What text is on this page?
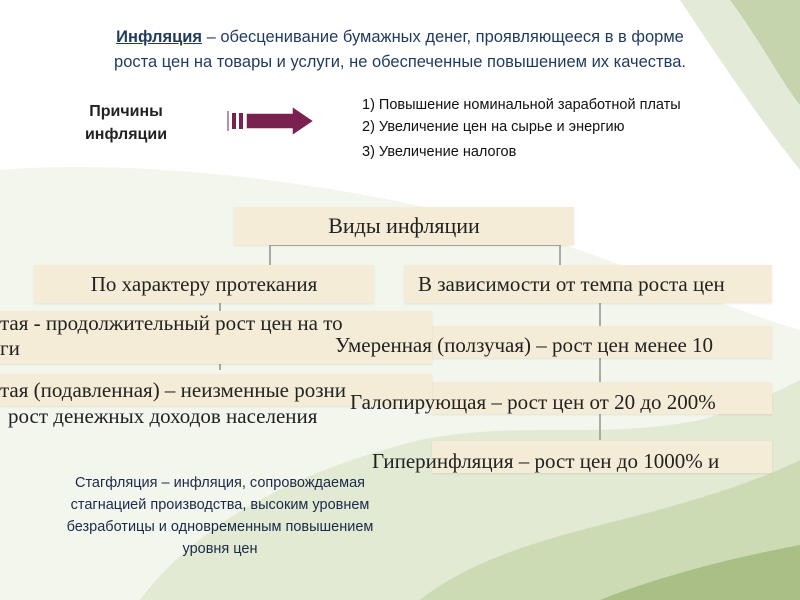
Инфляция – обесценивание бумажных денег, проявляющееся в в форме
роста цен на товары и услуги, не обеспеченные повышением их качества.
Причины
инфляции
1) Повышение номинальной заработной платы
2) Увеличение цен на сырье и энергию
3) Увеличение налогов
Виды инфляции
По характеру протекания	В зависимости от темпа роста цен
тая - продолжительный рост цен на то
ги
тая (подавленная) – неизменные розни
рост денежных доходов населения
Умеренная (ползучая) – рост цен менее 10
Галопирующая – рост цен от 20 до 200%
Гиперинфляция – рост цен до 1000% и
Стагфляция – инфляция, сопровождаемая
стагнацией производства, высоким уровнем
безработицы и одновременным повышением
уровня цен
